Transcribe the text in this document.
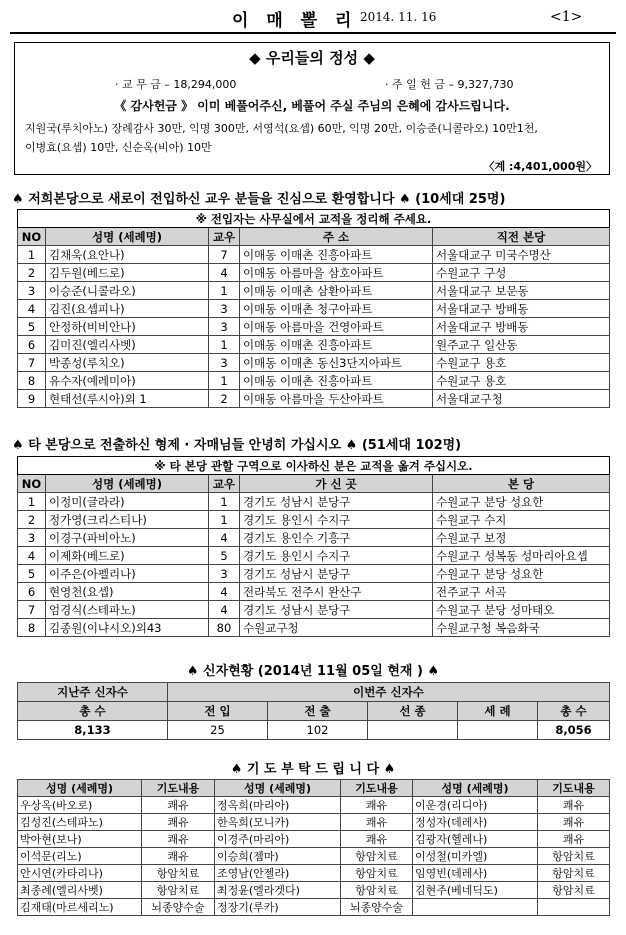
이 매 뽈 리 2014. 11. 16	<1>
◆ 우리들의 정성 ◆
· 교 무 금 – 18,294,000	· 주 일 헌 금 – 9,327,730
《 감사헌금 》 이미 베풀어주신, 베풀어 주실 주님의 은혜에 감사드립니다.
지원국(루치아노) 장례감사 30만, 익명 300만, 서영석(요셉) 60만, 익명 20만, 이승준(니콜라오) 10만1천,
이병효(요셉) 10만, 신순옥(비아) 10만
〈계 :4,401,000원〉
♠ 저희본당으로 새로이 전입하신 교우 분들을 진심으로 환영합니다 ♠ (10세대 25명)
※ 전입자는 사무실에서 교적을 정리해 주세요.				
NO	성명 (세례명)	교우	주 소	직전 본당
1	김채욱(요안나)	7	이매동 이매촌 진흥아파트	서울대교구 미국수명산
2	김두원(베드로)	4	이매동 아름마을 삼호아파트	수원교구 구성
3	이승준(니콜라오)	1	이매동 이매촌 삼환아파트	서울대교구 보문동
4	김진(요셉피나)	3	이매동 이매촌 청구아파트	서울대교구 방배동
5	안정하(비비안나)	3	이매동 아름마을 건영아파트	서울대교구 방배동
6	김미진(엘리사벳)	1	이매동 이매촌 진흥아파트	원주교구 일산동
7	박종성(루치오)	3	이매동 이매촌 동신3단지아파트	수원교구 용호
8	유수자(예레미아)	1	이매동 이매촌 진흥아파트	수원교구 용호
9	현태선(루시아)외 1	2	이매동 아름마을 두산아파트	서울대교구청
♠ 타 본당으로 전출하신 형제 · 자매님들 안녕히 가십시오 ♠ (51세대 102명)
※ 타 본당 관할 구역으로 이사하신 분은 교적을 옮겨 주십시오.				
NO	성명 (세례명)	교우	가 신 곳	본 당
1	이정미(글라라)	1	경기도 성남시 분당구	수원교구 분당 성요한
2	정가영(크리스티나)	1	경기도 용인시 수지구	수원교구 수지
3	이경구(파비아노)	4	경기도 용인수 기흥구	수원교구 보정
4	이제화(베드로)	5	경기도 용인시 수지구	수원교구 성복동 성마리아요셉
5	이주은(아펠리나)	3	경기도 성남시 분당구	수원교구 분당 성요한
6	현영천(요셉)	4	전라북도 전주시 완산구	전주교구 서곡
7	엄경식(스테파노)	4	경기도 성남시 분당구	수원교구 분당 성마태오
8	김종원(이냐시오)외43	80	수원교구청	수원교구청 복음화국
♠ 신자현황 (2014년 11월 05일 현재 ) ♠
지난주 신자수	이번주 신자수				
총 수	전 입	전 출	선 종	세 례	총 수
8,133	25	102			8,056
♠ 기 도 부 탁 드 립 니 다 ♠
성명 (세례명)	기도내용	성명 (세례명)	기도내용	성명 (세례명)	기도내용
우상옥(바오로)	쾌유	정옥희(마리아)	쾌유	이운경(리디아)	쾌유
김성진(스테파노)	쾌유	한옥희(모니카)	쾌유	정성자(데레사)	쾌유
박아현(보나)	쾌유	이경주(마리아)	쾌유	김광자(헬레나)	쾌유
이석문(리노)	쾌유	이승희(젬마)	항암치료	이성철(미카엘)	항암치료
안시연(카타리나)	항암치료	조영남(안젤라)	항암치료	임영빈(데레사)	항암치료
최종례(엘리사벳)	항암치료	최정윤(엘라겟다)	항암치료	김현주(베네딕도)	항암치료
김재태(마르세리노)	뇌종양수술	정장기(루카)	뇌종양수술		
